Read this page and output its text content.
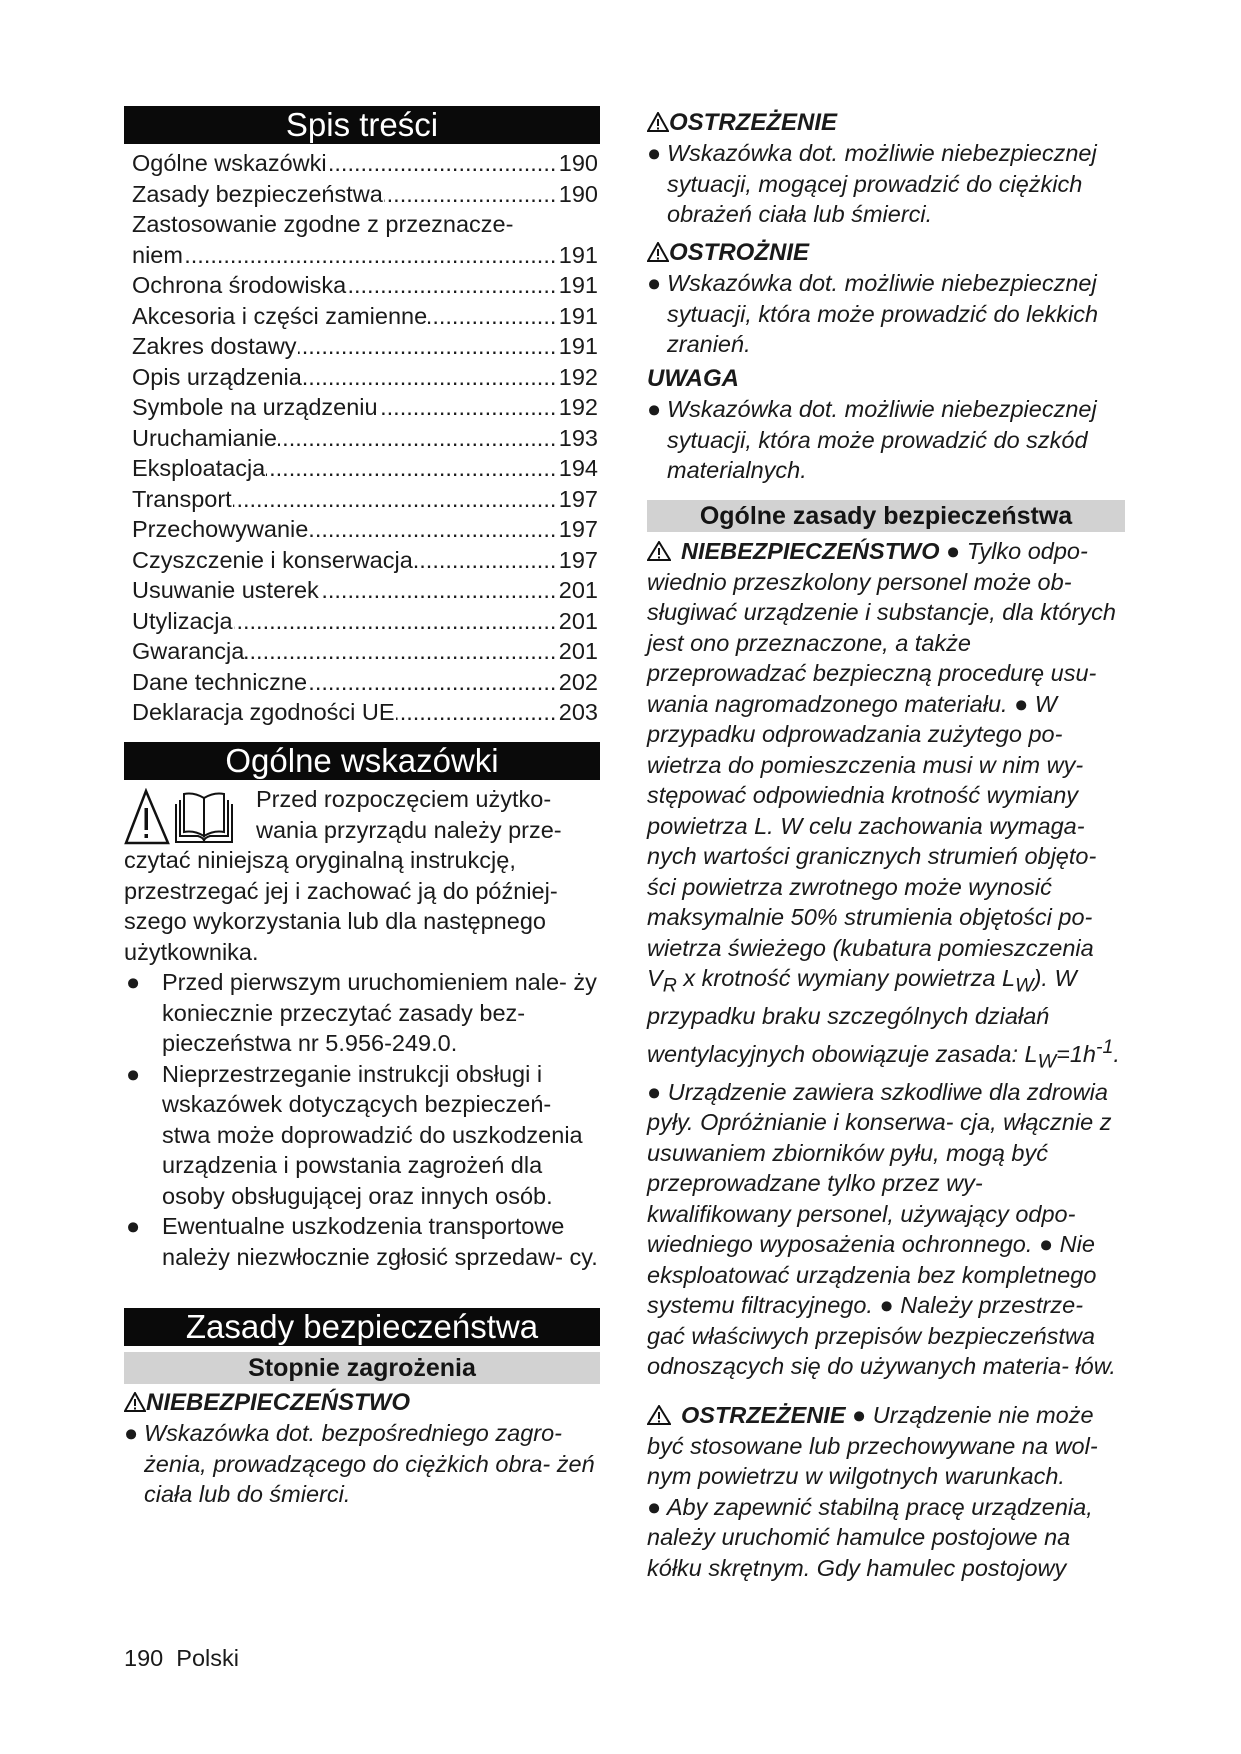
Spis treści
.....
Ogólne wskazówki	190
.....
Zasady bezpieczeństwa	190
Zastosowanie zgodne z przeznacze-
.....
niem	191
.....
Ochrona środowiska	191
.....
Akcesoria i części zamienne	191
.....
Zakres dostawy	191
.....
Opis urządzenia	192
.....
Symbole na urządzeniu	192
.....
Uruchamianie	193
.....
Eksploatacja	194
.....
Transport	197
.....
Przechowywanie	197
.....
Czyszczenie i konserwacja	197
.....
Usuwanie usterek	201
.....
Utylizacja	201
.....
Gwarancja	201
.....
Dane techniczne	202
.....
Deklaracja zgodności UE	203
Ogólne wskazówki
Przed rozpoczęciem użytko-
wania przyrządu należy prze-
czytać niniejszą oryginalną instrukcję,
przestrzegać jej i zachować ją do później-
szego wykorzystania lub dla następnego
użytkownika.
● Przed pierwszym uruchomieniem nale- ży koniecznie przeczytać zasady bez- pieczeństwa nr 5.956-249.0.
● Nieprzestrzeganie instrukcji obsługi i wskazówek dotyczących bezpieczeń- stwa może doprowadzić do uszkodzenia urządzenia i powstania zagrożeń dla osoby obsługującej oraz innych osób.
● Ewentualne uszkodzenia transportowe należy niezwłocznie zgłosić sprzedaw- cy.
Zasady bezpieczeństwa
Stopnie zagrożenia
NIEBEZPIECZEŃSTWO
● Wskazówka dot. bezpośredniego zagro- żenia, prowadzącego do ciężkich obra- żeń ciała lub do śmierci.
OSTRZEŻENIE
● Wskazówka dot. możliwie niebezpiecznej sytuacji, mogącej prowadzić do ciężkich obrażeń ciała lub śmierci.
OSTROŻNIE
● Wskazówka dot. możliwie niebezpiecznej sytuacji, która może prowadzić do lekkich zranień.
UWAGA
● Wskazówka dot. możliwie niebezpiecznej sytuacji, która może prowadzić do szkód materialnych.
Ogólne zasady bezpieczeństwa
NIEBEZPIECZEŃSTWO ● Tylko odpo- wiednio przeszkolony personel może ob- sługiwać urządzenie i substancje, dla których jest ono przeznaczone, a także przeprowadzać bezpieczną procedurę usu- wania nagromadzonego materiału. ● W przypadku odprowadzania zużytego po- wietrza do pomieszczenia musi w nim wy- stępować odpowiednia krotność wymiany powietrza L. W celu zachowania wymaga- nych wartości granicznych strumień objęto- ści powietrza zwrotnego może wynosić maksymalnie 50% strumienia objętości po- wietrza świeżego (kubatura pomieszczenia $V_R$ x krotność wymiany powietrza $L_W$). W przypadku braku szczególnych działań wentylacyjnych obowiązuje zasada: $L_W=1h^{-1}$. ● Urządzenie zawiera szkodliwe dla zdrowia pyły. Opróżnianie i konserwa- cja, włącznie z usuwaniem zbiorników pyłu, mogą być przeprowadzane tylko przez wy- kwalifikowany personel, używający odpo- wiedniego wyposażenia ochronnego. ● Nie eksploatować urządzenia bez kompletnego systemu filtracyjnego. ● Należy przestrze- gać właściwych przepisów bezpieczeństwa odnoszących się do używanych materia- łów.
OSTRZEŻENIE ● Urządzenie nie może być stosowane lub przechowywane na wol- nym powietrzu w wilgotnych warunkach.
● Aby zapewnić stabilną pracę urządzenia, należy uruchomić hamulce postojowe na kółku skrętnym. Gdy hamulec postojowy
190 Polski
